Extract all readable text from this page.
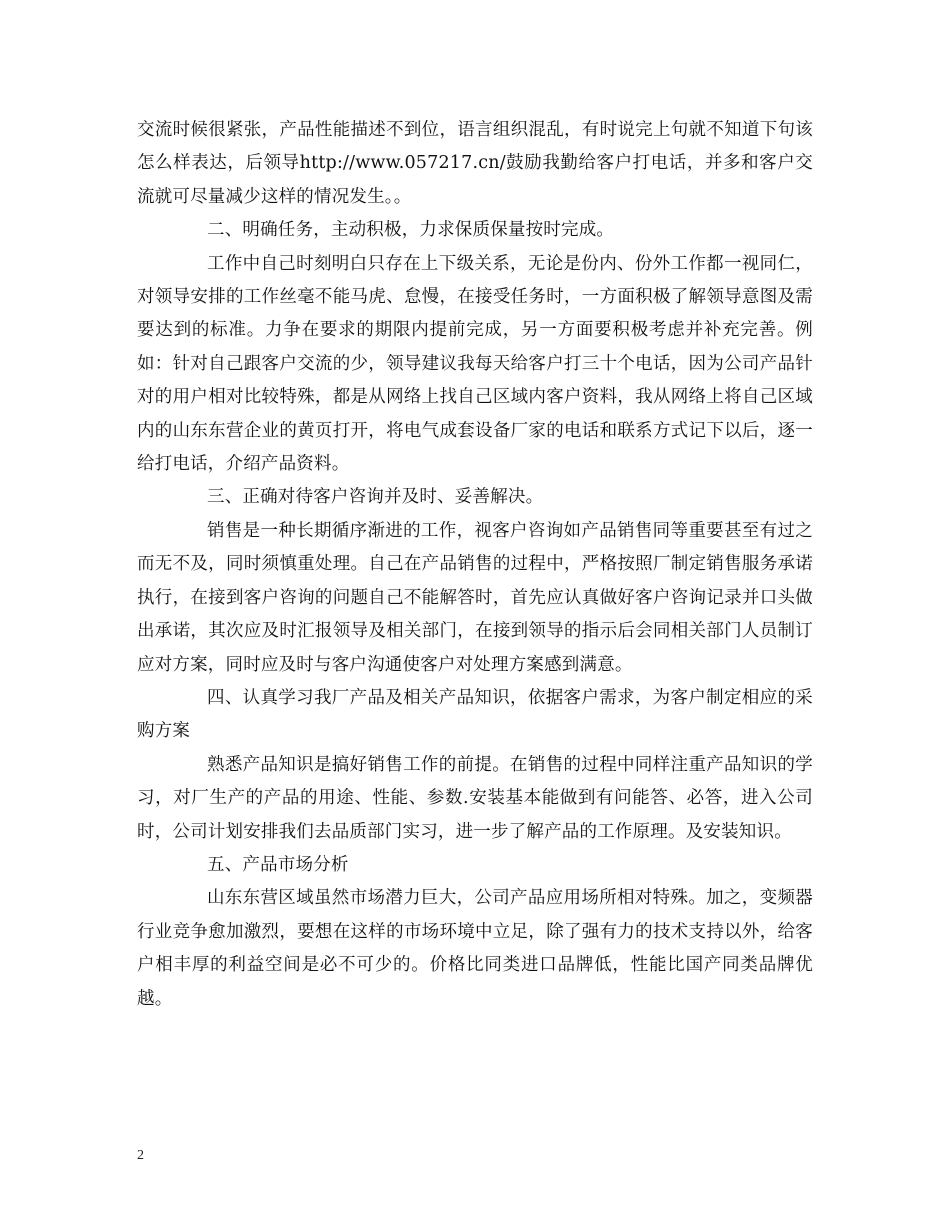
交流时候很紧张，产品性能描述不到位，语言组织混乱，有时说完上句就不知道下句该怎么样表达，后领导http://www.057217.cn/鼓励我勤给客户打电话，并多和客户交流就可尽量减少这样的情况发生。。

二、明确任务，主动积极，力求保质保量按时完成。

工作中自己时刻明白只存在上下级关系，无论是份内、份外工作都一视同仁，对领导安排的工作丝毫不能马虎、怠慢，在接受任务时，一方面积极了解领导意图及需要达到的标准。力争在要求的期限内提前完成，另一方面要积极考虑并补充完善。例如：针对自己跟客户交流的少，领导建议我每天给客户打三十个电话，因为公司产品针对的用户相对比较特殊，都是从网络上找自己区域内客户资料，我从网络上将自己区域内的山东东营企业的黄页打开，将电气成套设备厂家的电话和联系方式记下以后，逐一给打电话，介绍产品资料。

三、正确对待客户咨询并及时、妥善解决。

销售是一种长期循序渐进的工作，视客户咨询如产品销售同等重要甚至有过之而无不及，同时须慎重处理。自己在产品销售的过程中，严格按照厂制定销售服务承诺执行，在接到客户咨询的问题自己不能解答时，首先应认真做好客户咨询记录并口头做出承诺，其次应及时汇报领导及相关部门，在接到领导的指示后会同相关部门人员制订应对方案，同时应及时与客户沟通使客户对处理方案感到满意。

四、认真学习我厂产品及相关产品知识，依据客户需求，为客户制定相应的采购方案

熟悉产品知识是搞好销售工作的前提。在销售的过程中同样注重产品知识的学习，对厂生产的产品的用途、性能、参数.安装基本能做到有问能答、必答，进入公司时，公司计划安排我们去品质部门实习，进一步了解产品的工作原理。及安装知识。

五、产品市场分析

山东东营区域虽然市场潜力巨大，公司产品应用场所相对特殊。加之，变频器行业竞争愈加激烈，要想在这样的市场环境中立足，除了强有力的技术支持以外，给客户相丰厚的利益空间是必不可少的。价格比同类进口品牌低，性能比国产同类品牌优越。

2
